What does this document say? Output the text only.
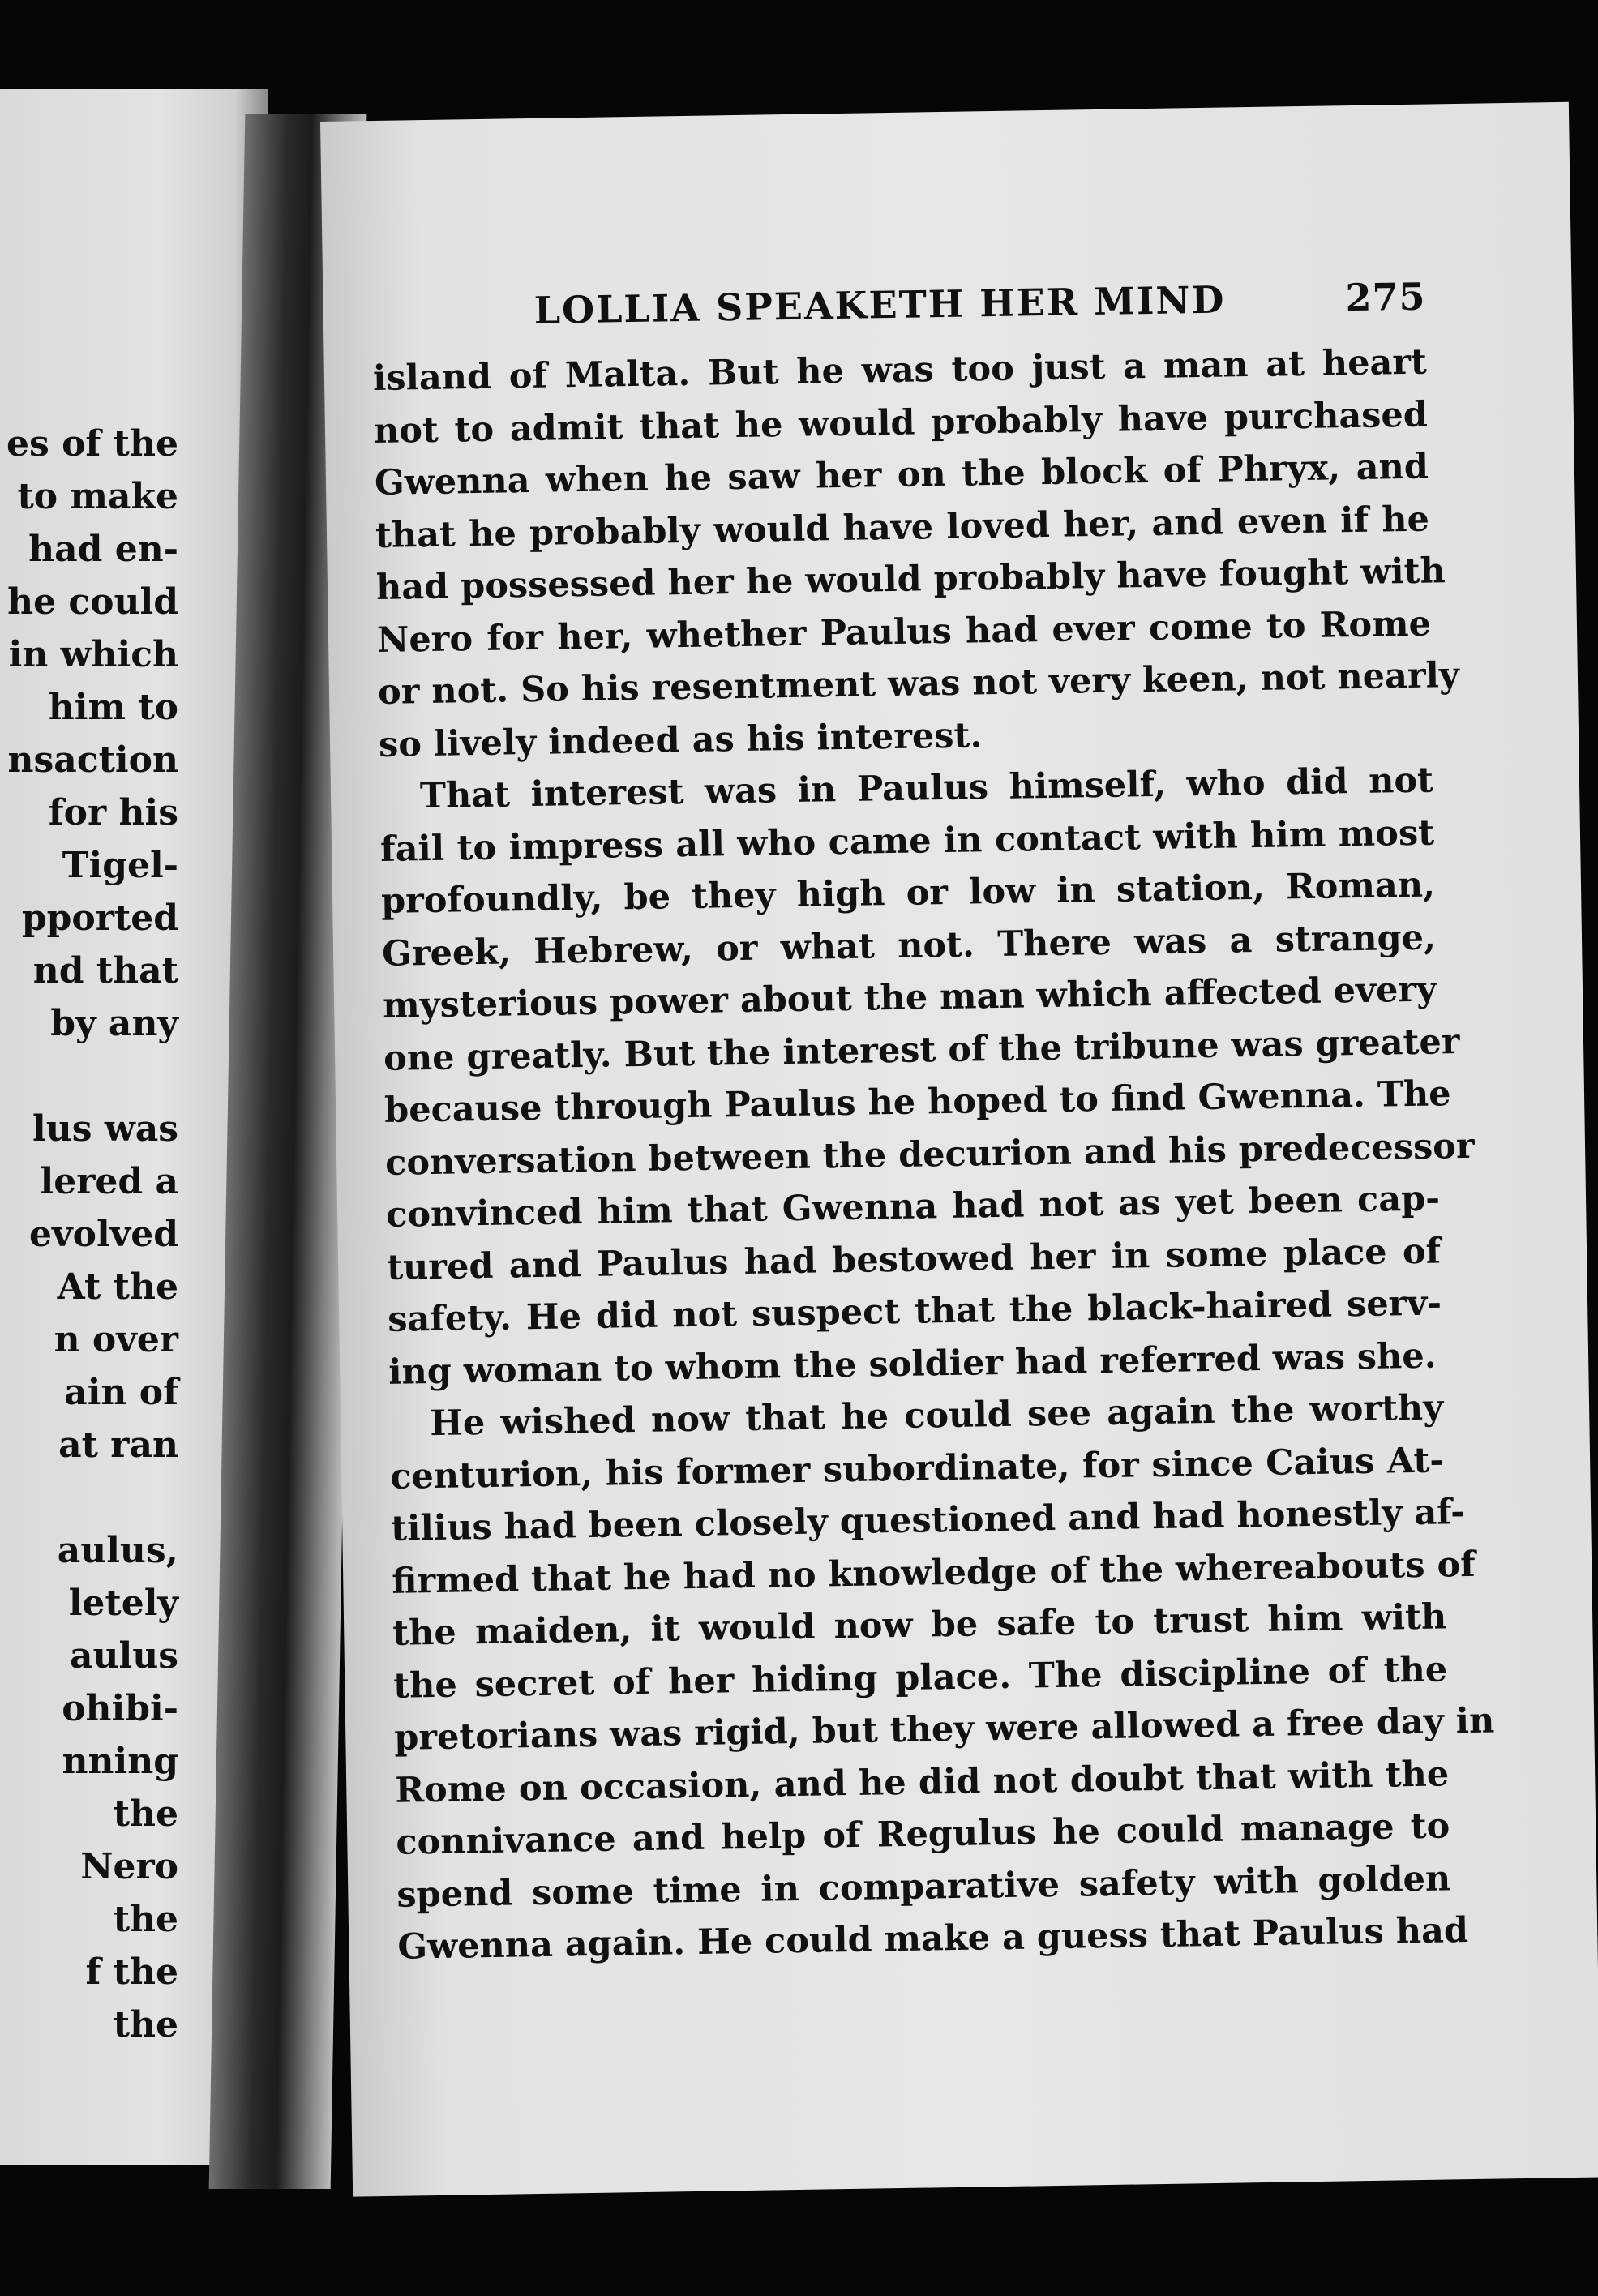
es of the
to make
had en-
he could
in which
him to
nsaction
for his
Tigel-
pported
nd that
by any
lus was
lered a
evolved
At the
n over
ain of
at ran
aulus,
letely
aulus
ohibi-
nning
the
Nero
the
f the
the
LOLLIA SPEAKETH HER MIND	275
island of Malta. But he was too just a man at heart
not to admit that he would probably have purchased
Gwenna when he saw her on the block of Phryx, and
that he probably would have loved her, and even if he
had possessed her he would probably have fought with
Nero for her, whether Paulus had ever come to Rome
or not. So his resentment was not very keen, not nearly
so lively indeed as his interest.
That interest was in Paulus himself, who did not
fail to impress all who came in contact with him most
profoundly, be they high or low in station, Roman,
Greek, Hebrew, or what not. There was a strange,
mysterious power about the man which affected every
one greatly. But the interest of the tribune was greater
because through Paulus he hoped to find Gwenna. The
conversation between the decurion and his predecessor
convinced him that Gwenna had not as yet been cap-
tured and Paulus had bestowed her in some place of
safety. He did not suspect that the black-haired serv-
ing woman to whom the soldier had referred was she.
He wished now that he could see again the worthy
centurion, his former subordinate, for since Caius At-
tilius had been closely questioned and had honestly af-
firmed that he had no knowledge of the whereabouts of
the maiden, it would now be safe to trust him with
the secret of her hiding place. The discipline of the
pretorians was rigid, but they were allowed a free day in
Rome on occasion, and he did not doubt that with the
connivance and help of Regulus he could manage to
spend some time in comparative safety with golden
Gwenna again. He could make a guess that Paulus had
